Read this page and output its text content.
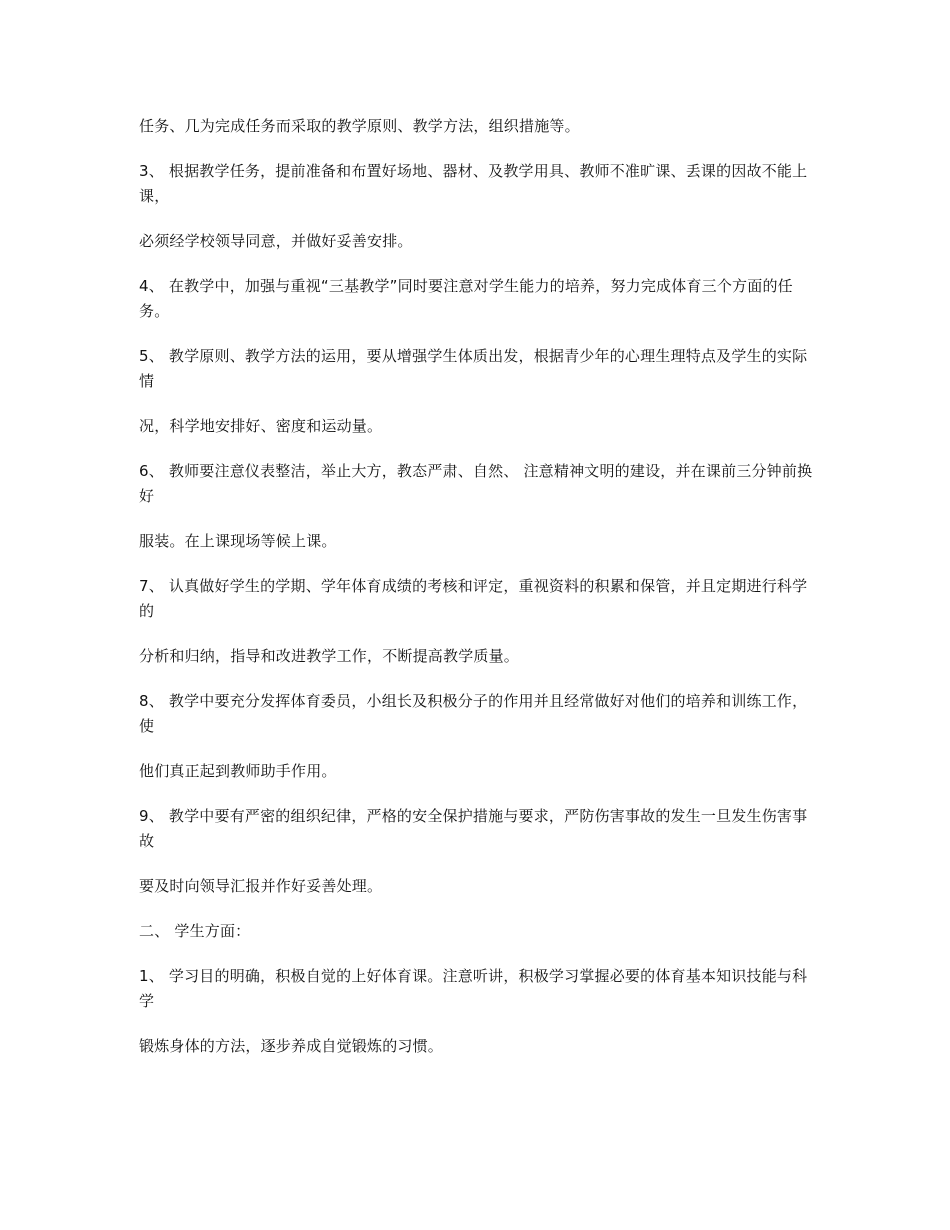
任务、几为完成任务而采取的教学原则、教学方法，组织措施等。

3、 根据教学任务，提前准备和布置好场地、器材、及教学用具、教师不准旷课、丢课的因故不能上课，

必须经学校领导同意，并做好妥善安排。

4、 在教学中，加强与重视“三基教学”同时要注意对学生能力的培养，努力完成体育三个方面的任务。

5、 教学原则、教学方法的运用，要从增强学生体质出发，根据青少年的心理生理特点及学生的实际情

况，科学地安排好、密度和运动量。

6、 教师要注意仪表整洁，举止大方，教态严肃、自然、 注意精神文明的建设，并在课前三分钟前换好

服装。在上课现场等候上课。

7、 认真做好学生的学期、学年体育成绩的考核和评定，重视资料的积累和保管，并且定期进行科学的

分析和归纳，指导和改进教学工作，不断提高教学质量。

8、 教学中要充分发挥体育委员，小组长及积极分子的作用并且经常做好对他们的培养和训练工作，使

他们真正起到教师助手作用。

9、 教学中要有严密的组织纪律，严格的安全保护措施与要求，严防伤害事故的发生一旦发生伤害事故

要及时向领导汇报并作好妥善处理。

二、 学生方面：

1、 学习目的明确，积极自觉的上好体育课。注意听讲，积极学习掌握必要的体育基本知识技能与科学

锻炼身体的方法，逐步养成自觉锻炼的习惯。
